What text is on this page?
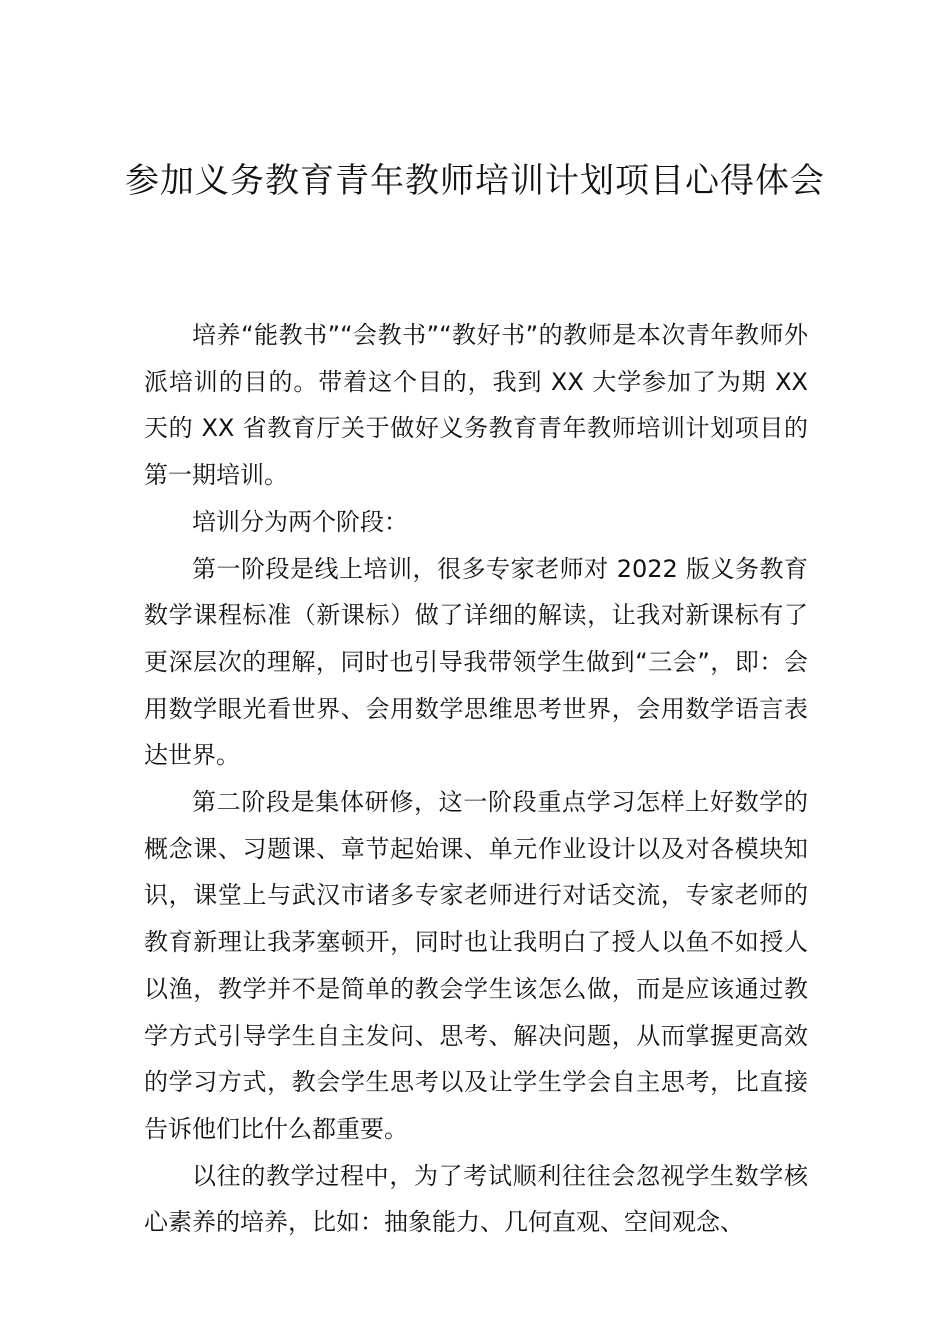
参加义务教育青年教师培训计划项目心得体会

培养“能教书”“会教书”“教好书”的教师是本次青年教师外派培训的目的。带着这个目的，我到 XX 大学参加了为期 XX 天的 XX 省教育厅关于做好义务教育青年教师培训计划项目的第一期培训。

培训分为两个阶段：

第一阶段是线上培训，很多专家老师对 2022 版义务教育数学课程标准（新课标）做了详细的解读，让我对新课标有了更深层次的理解，同时也引导我带领学生做到“三会”，即：会用数学眼光看世界、会用数学思维思考世界，会用数学语言表达世界。

第二阶段是集体研修，这一阶段重点学习怎样上好数学的概念课、习题课、章节起始课、单元作业设计以及对各模块知识，课堂上与武汉市诸多专家老师进行对话交流，专家老师的教育新理让我茅塞顿开，同时也让我明白了授人以鱼不如授人以渔，教学并不是简单的教会学生该怎么做，而是应该通过教学方式引导学生自主发问、思考、解决问题，从而掌握更高效的学习方式，教会学生思考以及让学生学会自主思考，比直接告诉他们比什么都重要。

以往的教学过程中，为了考试顺利往往会忽视学生数学核心素养的培养，比如：抽象能力、几何直观、空间观念、
